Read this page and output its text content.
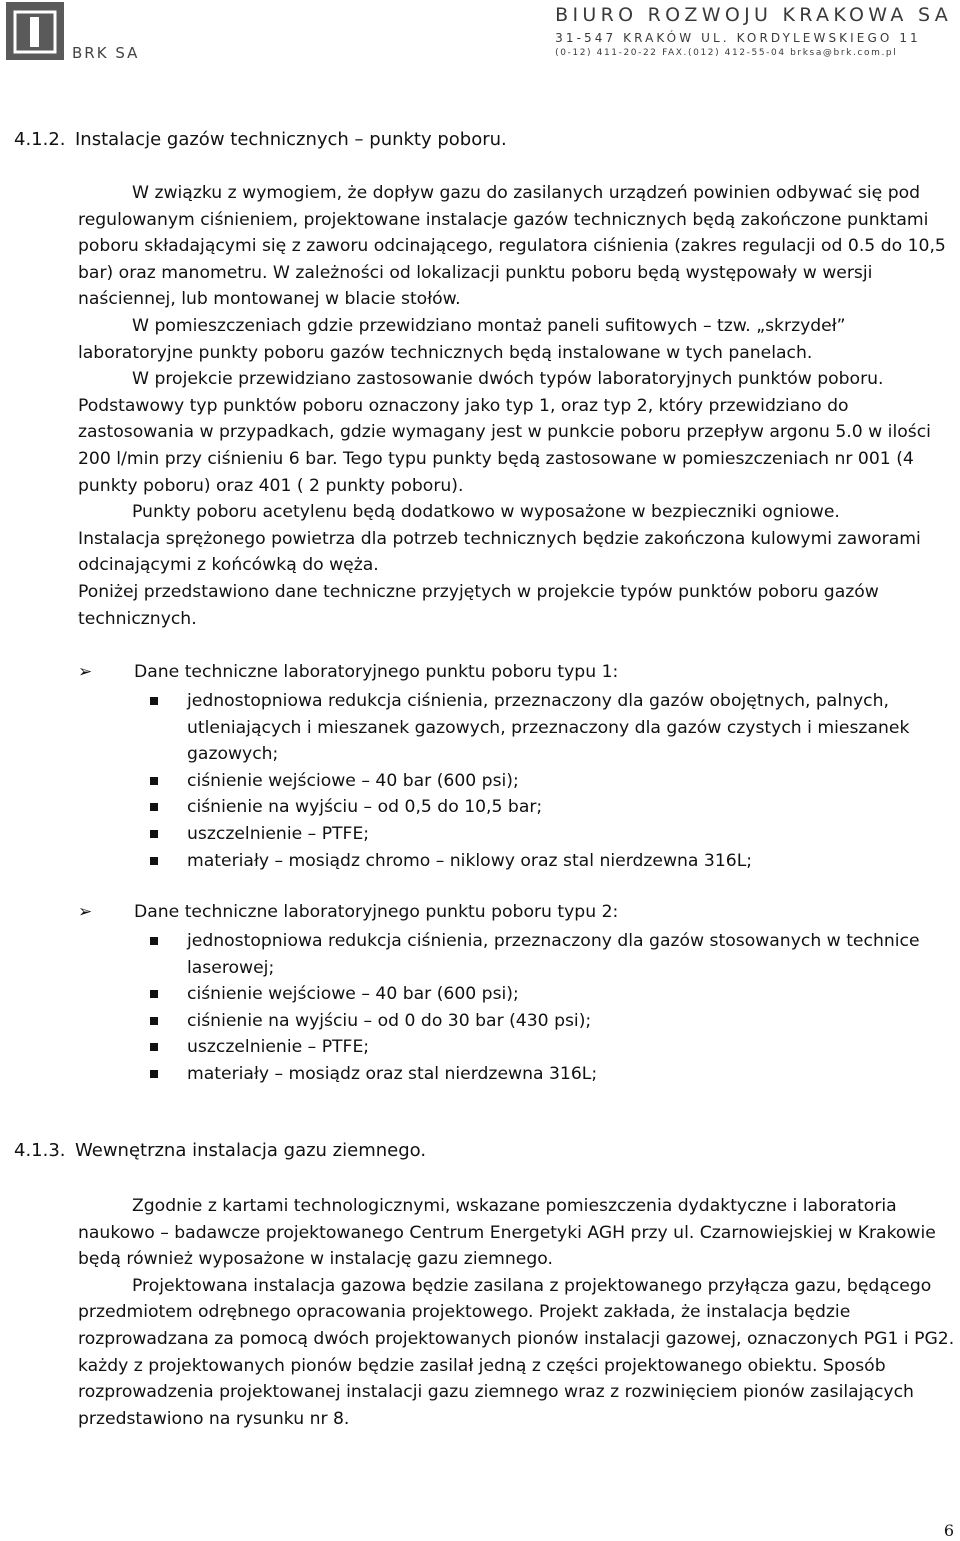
BRK SA
BIURO ROZWOJU KRAKOWA SA
31-547 KRAKÓW UL. KORDYLEWSKIEGO 11
(0-12) 411-20-22 FAX.(012) 412-55-04 brksa@brk.com.pl
4.1.2. Instalacje gazów technicznych – punkty poboru.

W związku z wymogiem, że dopływ gazu do zasilanych urządzeń powinien odbywać się pod regulowanym ciśnieniem, projektowane instalacje gazów technicznych będą zakończone punktami poboru składającymi się z zaworu odcinającego, regulatora ciśnienia (zakres regulacji od 0.5 do 10,5 bar) oraz manometru. W zależności od lokalizacji punktu poboru będą występowały w wersji naściennej, lub montowanej w blacie stołów.

W pomieszczeniach gdzie przewidziano montaż paneli sufitowych – tzw. „skrzydeł” laboratoryjne punkty poboru gazów technicznych będą instalowane w tych panelach.

W projekcie przewidziano zastosowanie dwóch typów laboratoryjnych punktów poboru. Podstawowy typ punktów poboru oznaczony jako typ 1, oraz typ 2, który przewidziano do zastosowania w przypadkach, gdzie wymagany jest w punkcie poboru przepływ argonu 5.0 w ilości 200 l/min przy ciśnieniu 6 bar. Tego typu punkty będą zastosowane w pomieszczeniach nr 001 (4 punkty poboru) oraz 401 ( 2 punkty poboru).

Punkty poboru acetylenu będą dodatkowo w wyposażone w bezpieczniki ogniowe.

Instalacja sprężonego powietrza dla potrzeb technicznych będzie zakończona kulowymi zaworami odcinającymi z końcówką do węża.

Poniżej przedstawiono dane techniczne przyjętych w projekcie typów punktów poboru gazów technicznych.

➢ Dane techniczne laboratoryjnego punktu poboru typu 1:
jednostopniowa redukcja ciśnienia, przeznaczony dla gazów obojętnych, palnych, utleniających i mieszanek gazowych, przeznaczony dla gazów czystych i mieszanek gazowych;
ciśnienie wejściowe – 40 bar (600 psi);
ciśnienie na wyjściu – od 0,5 do 10,5 bar;
uszczelnienie – PTFE;
materiały – mosiądz chromo – niklowy oraz stal nierdzewna 316L;
➢ Dane techniczne laboratoryjnego punktu poboru typu 2:
jednostopniowa redukcja ciśnienia, przeznaczony dla gazów stosowanych w technice laserowej;
ciśnienie wejściowe – 40 bar (600 psi);
ciśnienie na wyjściu – od 0 do 30 bar (430 psi);
uszczelnienie – PTFE;
materiały – mosiądz oraz stal nierdzewna 316L;
4.1.3. Wewnętrzna instalacja gazu ziemnego.

Zgodnie z kartami technologicznymi, wskazane pomieszczenia dydaktyczne i laboratoria naukowo – badawcze projektowanego Centrum Energetyki AGH przy ul. Czarnowiejskiej w Krakowie będą również wyposażone w instalację gazu ziemnego.

Projektowana instalacja gazowa będzie zasilana z projektowanego przyłącza gazu, będącego przedmiotem odrębnego opracowania projektowego. Projekt zakłada, że instalacja będzie rozprowadzana za pomocą dwóch projektowanych pionów instalacji gazowej, oznaczonych PG1 i PG2. każdy z projektowanych pionów będzie zasilał jedną z części projektowanego obiektu. Sposób rozprowadzenia projektowanej instalacji gazu ziemnego wraz z rozwinięciem pionów zasilających przedstawiono na rysunku nr 8.

6
